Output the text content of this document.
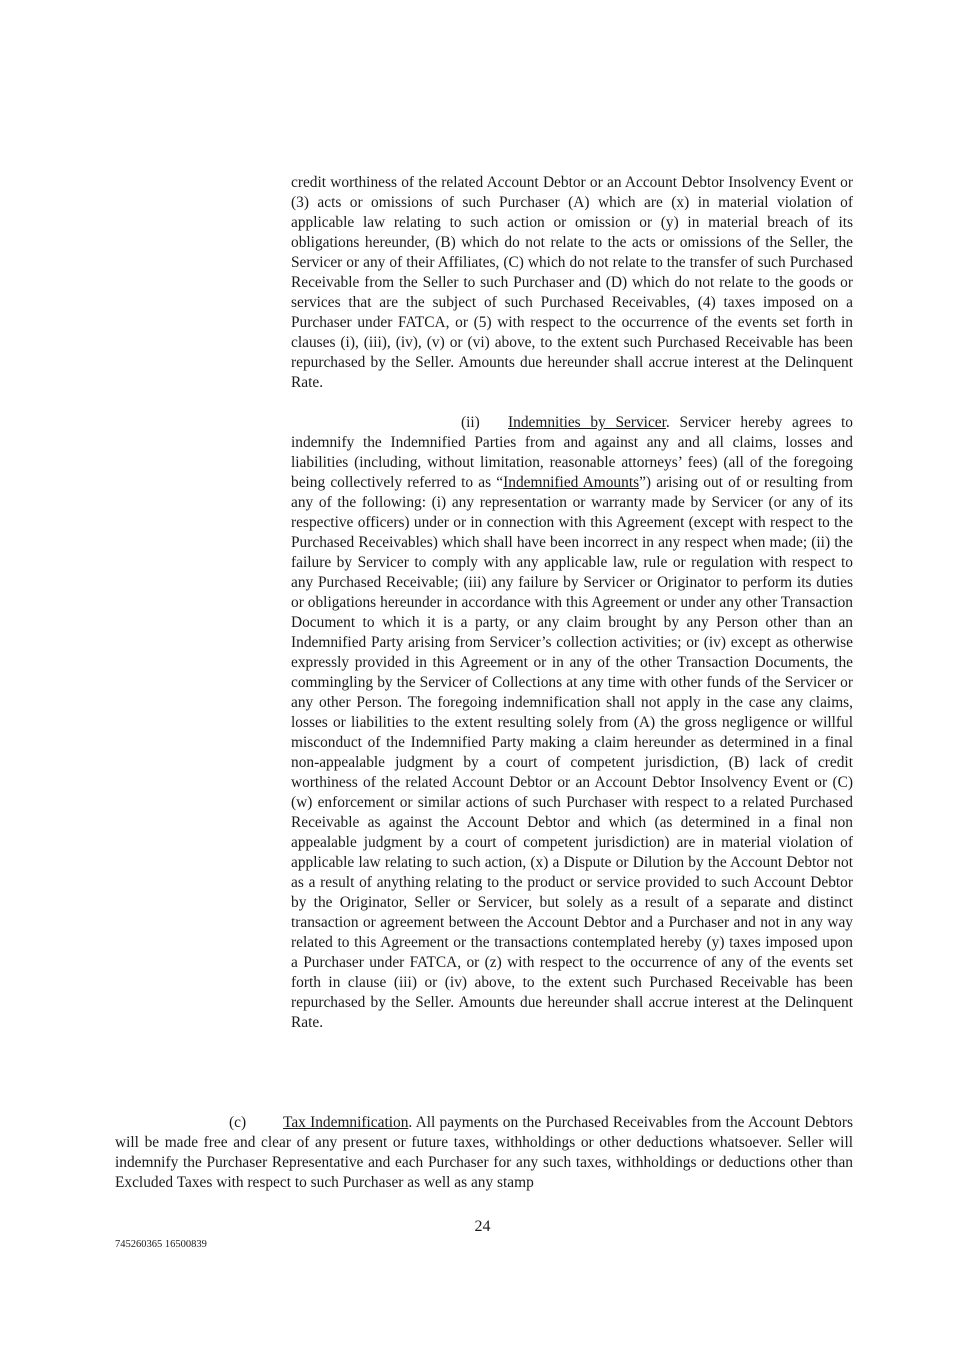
credit worthiness of the related Account Debtor or an Account Debtor Insolvency Event or (3) acts or omissions of such Purchaser (A) which are (x) in material violation of applicable law relating to such action or omission or (y) in material breach of its obligations hereunder, (B) which do not relate to the acts or omissions of the Seller, the Servicer or any of their Affiliates, (C) which do not relate to the transfer of such Purchased Receivable from the Seller to such Purchaser and (D) which do not relate to the goods or services that are the subject of such Purchased Receivables, (4) taxes imposed on a Purchaser under FATCA, or (5) with respect to the occurrence of the events set forth in clauses (i), (iii), (iv), (v) or (vi) above, to the extent such Purchased Receivable has been repurchased by the Seller. Amounts due hereunder shall accrue interest at the Delinquent Rate.
(ii) Indemnities by Servicer. Servicer hereby agrees to indemnify the Indemnified Parties from and against any and all claims, losses and liabilities (including, without limitation, reasonable attorneys’ fees) (all of the foregoing being collectively referred to as “Indemnified Amounts”) arising out of or resulting from any of the following: (i) any representation or warranty made by Servicer (or any of its respective officers) under or in connection with this Agreement (except with respect to the Purchased Receivables) which shall have been incorrect in any respect when made; (ii) the failure by Servicer to comply with any applicable law, rule or regulation with respect to any Purchased Receivable; (iii) any failure by Servicer or Originator to perform its duties or obligations hereunder in accordance with this Agreement or under any other Transaction Document to which it is a party, or any claim brought by any Person other than an Indemnified Party arising from Servicer’s collection activities; or (iv) except as otherwise expressly provided in this Agreement or in any of the other Transaction Documents, the commingling by the Servicer of Collections at any time with other funds of the Servicer or any other Person. The foregoing indemnification shall not apply in the case any claims, losses or liabilities to the extent resulting solely from (A) the gross negligence or willful misconduct of the Indemnified Party making a claim hereunder as determined in a final non-appealable judgment by a court of competent jurisdiction, (B) lack of credit worthiness of the related Account Debtor or an Account Debtor Insolvency Event or (C) (w) enforcement or similar actions of such Purchaser with respect to a related Purchased Receivable as against the Account Debtor and which (as determined in a final non appealable judgment by a court of competent jurisdiction) are in material violation of applicable law relating to such action, (x) a Dispute or Dilution by the Account Debtor not as a result of anything relating to the product or service provided to such Account Debtor by the Originator, Seller or Servicer, but solely as a result of a separate and distinct transaction or agreement between the Account Debtor and a Purchaser and not in any way related to this Agreement or the transactions contemplated hereby (y) taxes imposed upon a Purchaser under FATCA, or (z) with respect to the occurrence of any of the events set forth in clause (iii) or (iv) above, to the extent such Purchased Receivable has been repurchased by the Seller. Amounts due hereunder shall accrue interest at the Delinquent Rate.
(c) Tax Indemnification. All payments on the Purchased Receivables from the Account Debtors will be made free and clear of any present or future taxes, withholdings or other deductions whatsoever. Seller will indemnify the Purchaser Representative and each Purchaser for any such taxes, withholdings or deductions other than Excluded Taxes with respect to such Purchaser as well as any stamp
24
745260365 16500839
